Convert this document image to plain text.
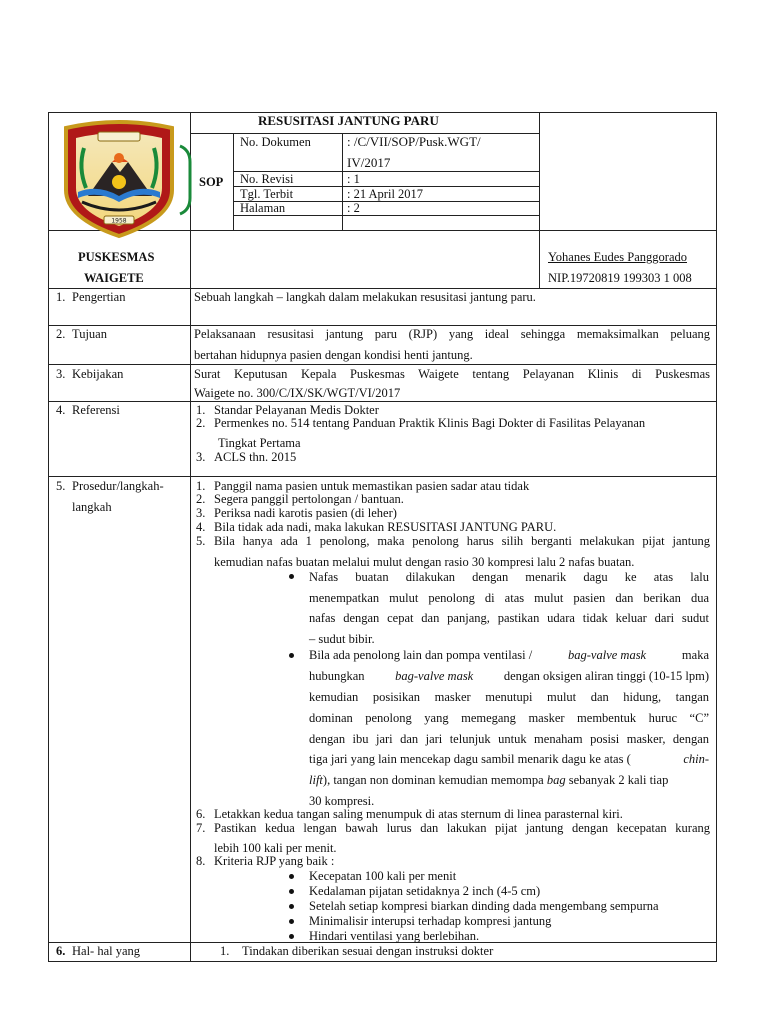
1958
RESUSITASI JANTUNG PARU
SOP
No. Dokumen	: /C/VII/SOP/Pusk.WGT/
IV/2017
No. Revisi	: 1
Tgl. Terbit	: 21 April 2017
Halaman	: 2
PUSKESMAS
WAIGETE
Yohanes Eudes Panggorado
NIP.19720819 199303 1 008
1. Pengertian	Sebuah langkah – langkah dalam melakukan resusitasi jantung paru.
2. Tujuan	Pelaksanaan resusitasi jantung paru (RJP) yang ideal sehingga memaksimalkan peluang
bertahan hidupnya pasien dengan kondisi henti jantung.
3. Kebijakan	Surat Keputusan Kepala Puskesmas Waigete tentang Pelayanan Klinis di Puskesmas
Waigete no. 300/C/IX/SK/WGT/VI/2017
4. Referensi	1. Standar Pelayanan Medis Dokter
2. Permenkes no. 514 tentang Panduan Praktik Klinis Bagi Dokter di Fasilitas Pelayanan
Tingkat Pertama
3. ACLS thn. 2015
5. Prosedur/langkah-
langkah
1. Panggil nama pasien untuk memastikan pasien sadar atau tidak
2. Segera panggil pertolongan / bantuan.
3. Periksa nadi karotis pasien (di leher)
4. Bila tidak ada nadi, maka lakukan RESUSITASI JANTUNG PARU.
5. Bila hanya ada 1 penolong, maka penolong harus silih berganti melakukan pijat jantung
kemudian nafas buatan melalui mulut dengan rasio 30 kompresi lalu 2 nafas buatan.
Nafas buatan dilakukan dengan menarik dagu ke atas lalu
menempatkan mulut penolong di atas mulut pasien dan berikan dua
nafas dengan cepat dan panjang, pastikan udara tidak keluar dari sudut
– sudut bibir.
Bila ada penolong lain dan pompa ventilasi /	bag-valve mask	maka
hubungkan bag-valve mask dengan oksigen aliran tinggi (10-15 lpm)
kemudian posisikan masker menutupi mulut dan hidung, tangan
dominan penolong yang memegang masker membentuk huruc “C”
dengan ibu jari dan jari telunjuk untuk menaham posisi masker, dengan
tiga jari yang lain mencekap dagu sambil menarik dagu ke atas (	chin-
lift), tangan non dominan kemudian memompa bag sebanyak 2 kali tiap
30 kompresi.
6. Letakkan kedua tangan saling menumpuk di atas sternum di linea parasternal kiri.
7. Pastikan kedua lengan bawah lurus dan lakukan pijat jantung dengan kecepatan kurang
lebih 100 kali per menit.
8. Kriteria RJP yang baik :
Kecepatan 100 kali per menit
Kedalaman pijatan setidaknya 2 inch (4-5 cm)
Setelah setiap kompresi biarkan dinding dada mengembang sempurna
Minimalisir interupsi terhadap kompresi jantung
Hindari ventilasi yang berlebihan.
6. Hal- hal yang	1. Tindakan diberikan sesuai dengan instruksi dokter
